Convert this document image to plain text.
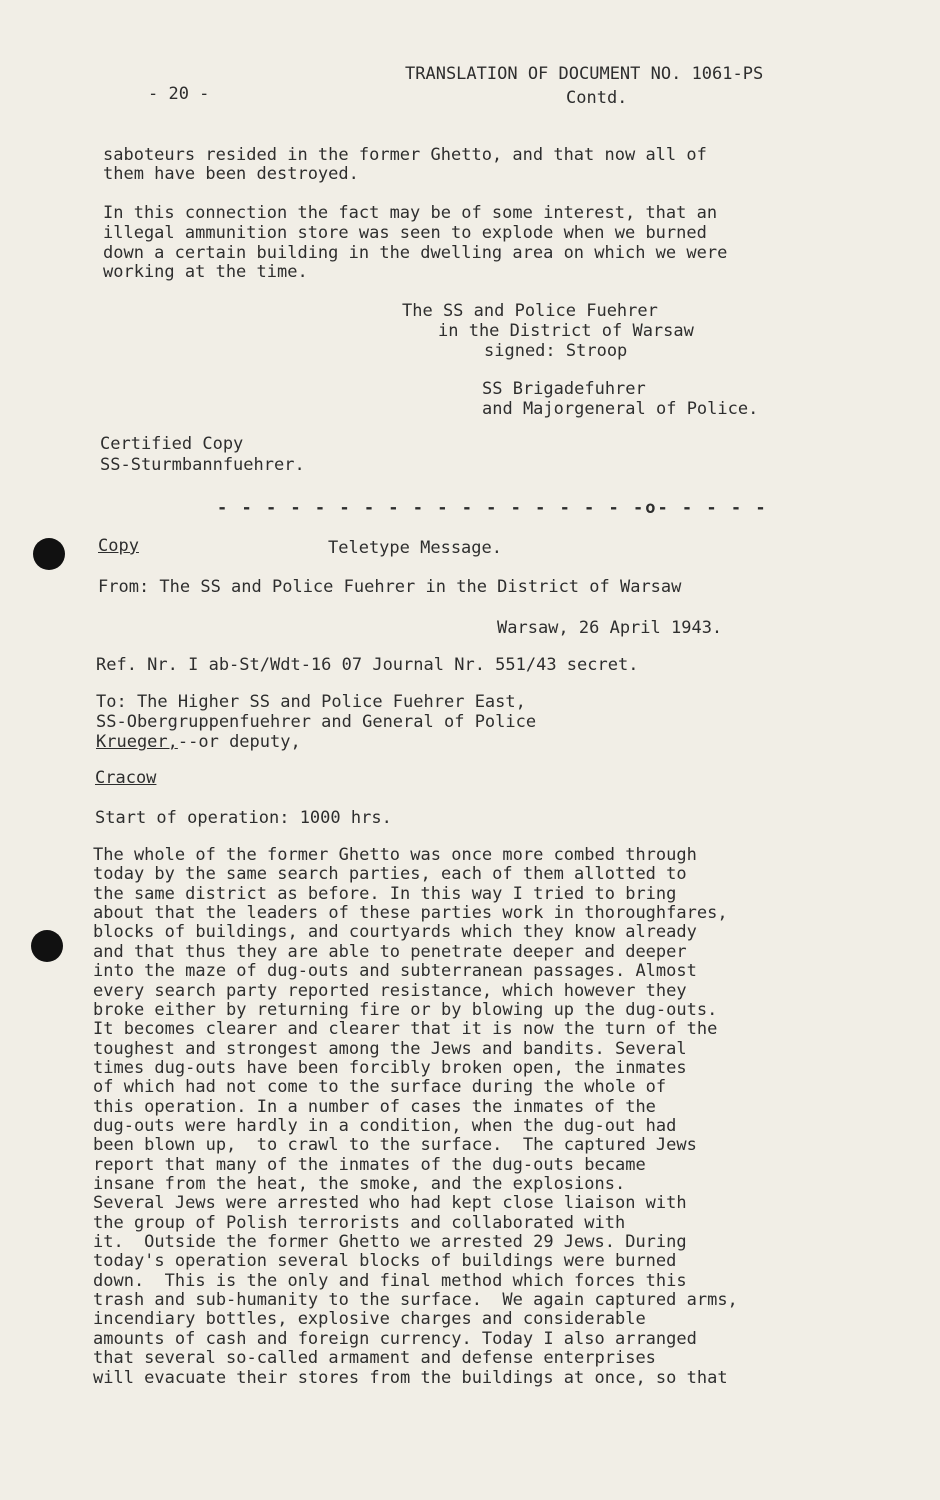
- 20 -
TRANSLATION OF DOCUMENT NO. 1061-PS
Contd.
saboteurs resided in the former Ghetto, and that now all of
them have been destroyed.
In this connection the fact may be of some interest, that an
illegal ammunition store was seen to explode when we burned
down a certain building in the dwelling area on which we were
working at the time.
The SS and Police Fuehrer
in the District of Warsaw
signed: Stroop
SS Brigadefuhrer
and Majorgeneral of Police.
Certified Copy
SS-Sturmbannfuehrer.
- - - - - - - - - - - - - - - - - -o- - - - -
Copy	Teletype Message.
From: The SS and Police Fuehrer in the District of Warsaw
Warsaw, 26 April 1943.
Ref. Nr. I ab-St/Wdt-16 07 Journal Nr. 551/43 secret.
To: The Higher SS and Police Fuehrer East,
SS-Obergruppenfuehrer and General of Police
Krueger,--or deputy,
Cracow
Start of operation: 1000 hrs.
The whole of the former Ghetto was once more combed through
today by the same search parties, each of them allotted to
the same district as before. In this way I tried to bring
about that the leaders of these parties work in thoroughfares,
blocks of buildings, and courtyards which they know already
and that thus they are able to penetrate deeper and deeper
into the maze of dug-outs and subterranean passages. Almost
every search party reported resistance, which however they
broke either by returning fire or by blowing up the dug-outs.
It becomes clearer and clearer that it is now the turn of the
toughest and strongest among the Jews and bandits. Several
times dug-outs have been forcibly broken open, the inmates
of which had not come to the surface during the whole of
this operation. In a number of cases the inmates of the
dug-outs were hardly in a condition, when the dug-out had
been blown up,  to crawl to the surface.  The captured Jews
report that many of the inmates of the dug-outs became
insane from the heat, the smoke, and the explosions.
Several Jews were arrested who had kept close liaison with
the group of Polish terrorists and collaborated with
it.  Outside the former Ghetto we arrested 29 Jews. During
today's operation several blocks of buildings were burned
down.  This is the only and final method which forces this
trash and sub-humanity to the surface.  We again captured arms,
incendiary bottles, explosive charges and considerable
amounts of cash and foreign currency. Today I also arranged
that several so-called armament and defense enterprises
will evacuate their stores from the buildings at once, so that
